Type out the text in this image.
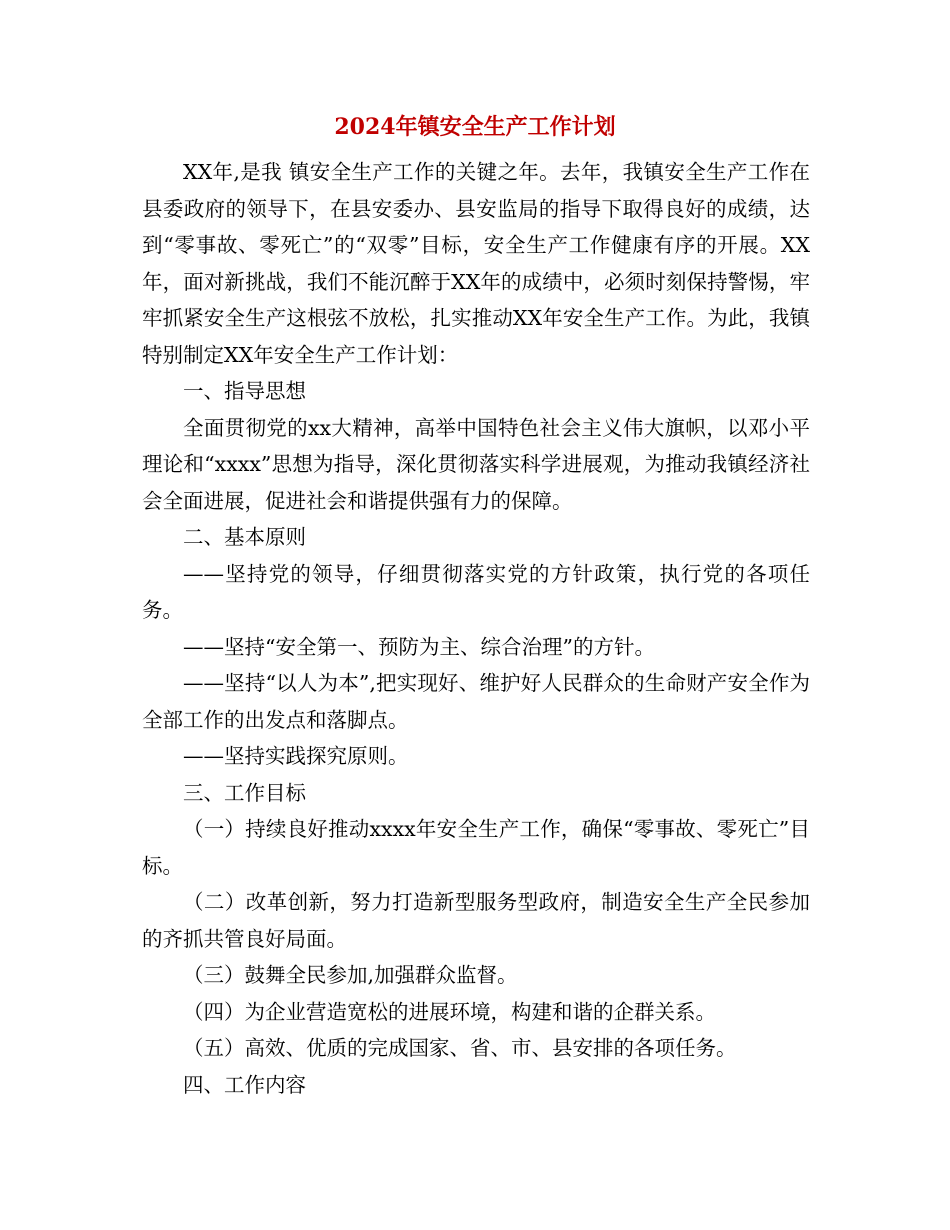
2024年镇安全生产工作计划

XX年,是我 镇安全生产工作的关键之年。去年，我镇安全生产工作在县委政府的领导下，在县安委办、县安监局的指导下取得良好的成绩，达到“零事故、零死亡”的“双零”目标，安全生产工作健康有序的开展。XX年，面对新挑战，我们不能沉醉于XX年的成绩中，必须时刻保持警惕，牢牢抓紧安全生产这根弦不放松，扎实推动XX年安全生产工作。为此，我镇特别制定XX年安全生产工作计划：

一、指导思想

全面贯彻党的xx大精神，高举中国特色社会主义伟大旗帜，以邓小平理论和“xxxx”思想为指导，深化贯彻落实科学进展观，为推动我镇经济社会全面进展，促进社会和谐提供强有力的保障。

二、基本原则

——坚持党的领导，仔细贯彻落实党的方针政策，执行党的各项任务。

——坚持“安全第一、预防为主、综合治理”的方针。

——坚持“以人为本”,把实现好、维护好人民群众的生命财产安全作为全部工作的出发点和落脚点。

——坚持实践探究原则。

三、工作目标

（一）持续良好推动xxxx年安全生产工作，确保“零事故、零死亡”目标。

（二）改革创新，努力打造新型服务型政府，制造安全生产全民参加的齐抓共管良好局面。

（三）鼓舞全民参加,加强群众监督。

（四）为企业营造宽松的进展环境，构建和谐的企群关系。

（五）高效、优质的完成国家、省、市、县安排的各项任务。

四、工作内容
